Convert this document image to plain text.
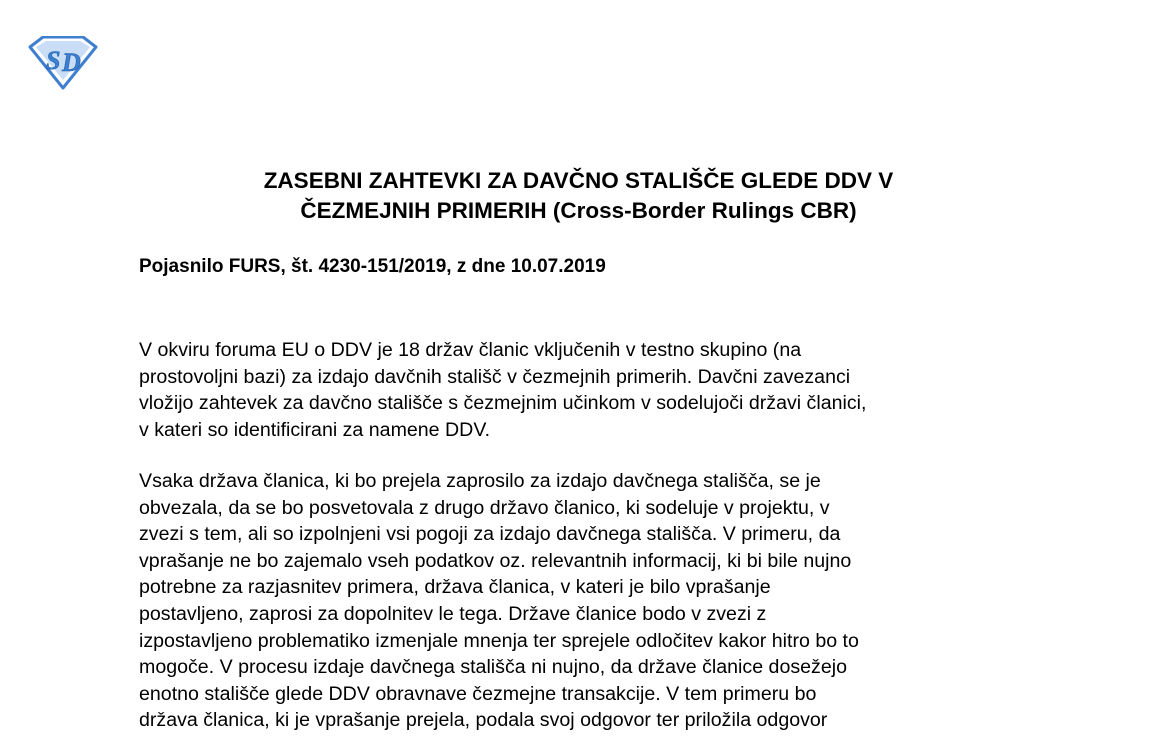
S D
ZASEBNI ZAHTEVKI ZA DAVČNO STALIŠČE GLEDE DDV V
ČEZMEJNIH PRIMERIH (Cross-Border Rulings CBR)
Pojasnilo FURS, št. 4230-151/2019, z dne 10.07.2019

V okviru foruma EU o DDV je 18 držav članic vključenih v testno skupino (na
prostovoljni bazi) za izdajo davčnih stališč v čezmejnih primerih. Davčni zavezanci
vložijo zahtevek za davčno stališče s čezmejnim učinkom v sodelujoči državi članici,
v kateri so identificirani za namene DDV.

Vsaka država članica, ki bo prejela zaprosilo za izdajo davčnega stališča, se je
obvezala, da se bo posvetovala z drugo državo članico, ki sodeluje v projektu, v
zvezi s tem, ali so izpolnjeni vsi pogoji za izdajo davčnega stališča. V primeru, da
vprašanje ne bo zajemalo vseh podatkov oz. relevantnih informacij, ki bi bile nujno
potrebne za razjasnitev primera, država članica, v kateri je bilo vprašanje
postavljeno, zaprosi za dopolnitev le tega. Države članice bodo v zvezi z
izpostavljeno problematiko izmenjale mnenja ter sprejele odločitev kakor hitro bo to
mogoče. V procesu izdaje davčnega stališča ni nujno, da države članice dosežejo
enotno stališče glede DDV obravnave čezmejne transakcije. V tem primeru bo
država članica, ki je vprašanje prejela, podala svoj odgovor ter priložila odgovor
